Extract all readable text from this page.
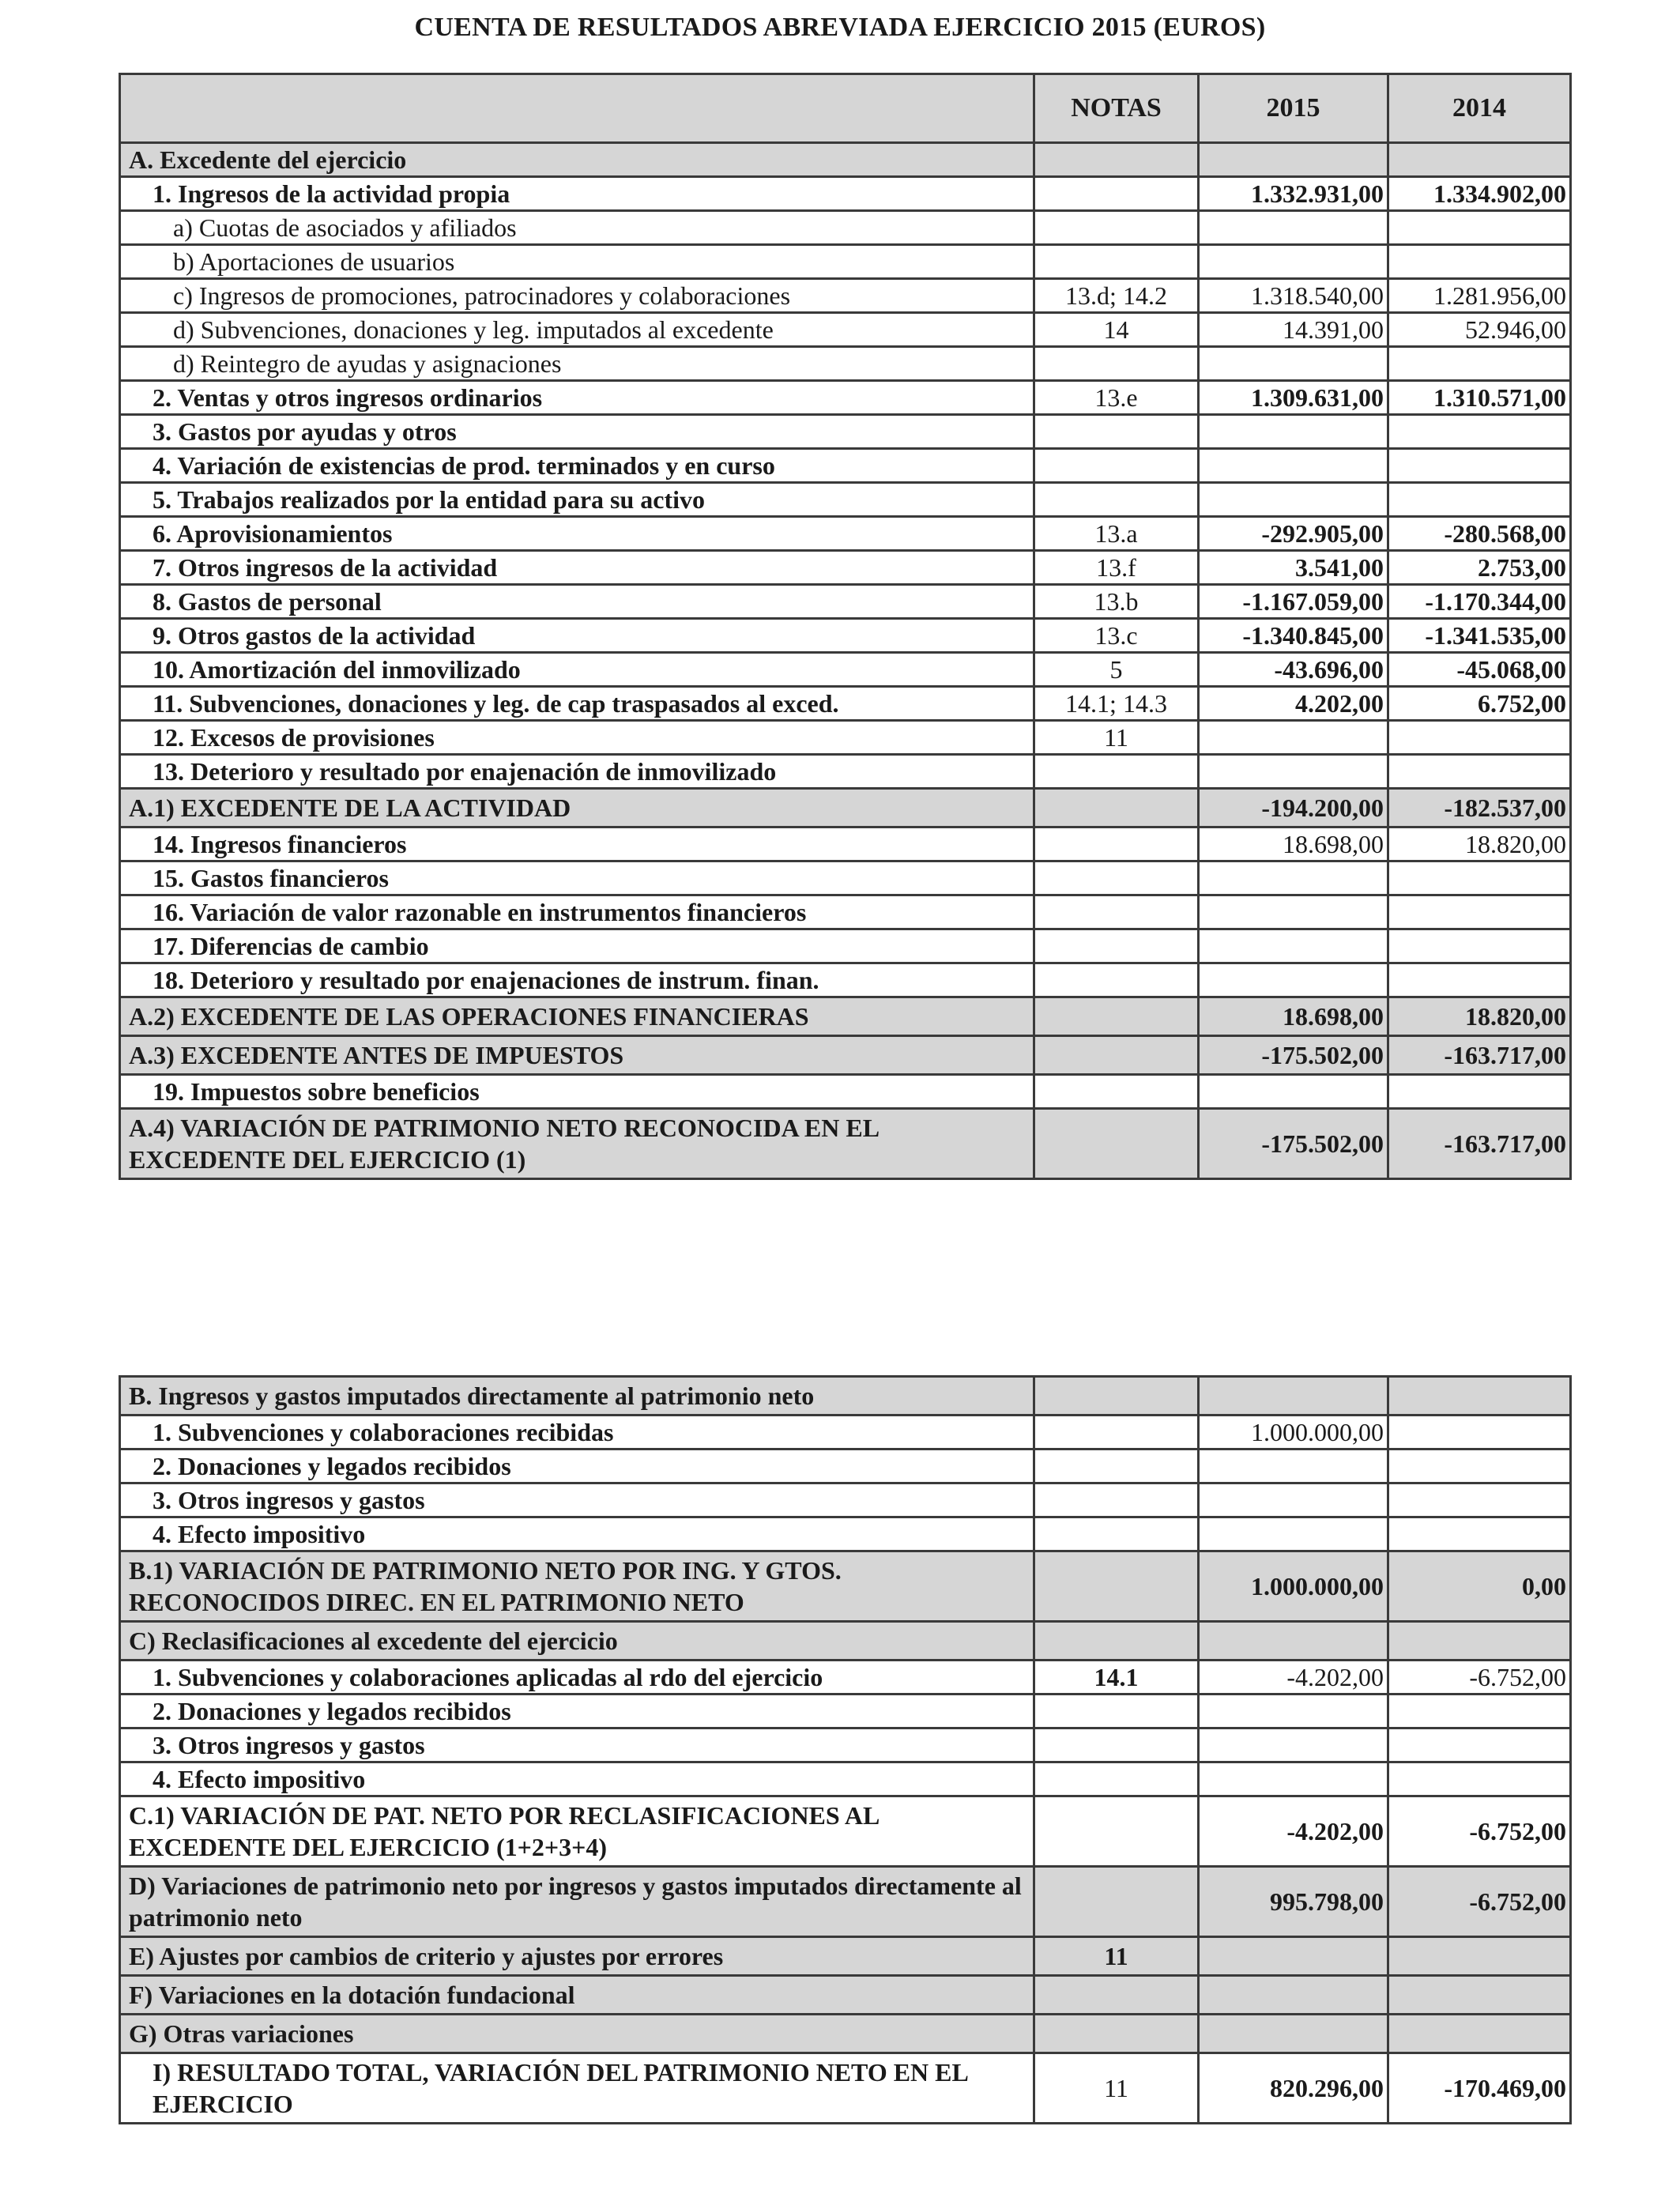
CUENTA DE RESULTADOS ABREVIADA EJERCICIO 2015 (EUROS)
	NOTAS	2015	2014
A. Excedente del ejercicio			
1. Ingresos de la actividad propia		1.332.931,00	1.334.902,00
a) Cuotas de asociados y afiliados			
b) Aportaciones de usuarios			
c) Ingresos de promociones, patrocinadores y colaboraciones	13.d; 14.2	1.318.540,00	1.281.956,00
d) Subvenciones, donaciones y leg. imputados al excedente	14	14.391,00	52.946,00
d) Reintegro de ayudas y asignaciones			
2. Ventas y otros ingresos ordinarios	13.e	1.309.631,00	1.310.571,00
3. Gastos por ayudas y otros			
4. Variación de existencias de prod. terminados y en curso			
5. Trabajos realizados por la entidad para su activo			
6. Aprovisionamientos	13.a	-292.905,00	-280.568,00
7. Otros ingresos de la actividad	13.f	3.541,00	2.753,00
8. Gastos de personal	13.b	-1.167.059,00	-1.170.344,00
9. Otros gastos de la actividad	13.c	-1.340.845,00	-1.341.535,00
10. Amortización del inmovilizado	5	-43.696,00	-45.068,00
11. Subvenciones, donaciones y leg. de cap traspasados al exced.	14.1; 14.3	4.202,00	6.752,00
12. Excesos de provisiones	11		
13. Deterioro y resultado por enajenación de inmovilizado			
A.1) EXCEDENTE DE LA ACTIVIDAD		-194.200,00	-182.537,00
14. Ingresos financieros		18.698,00	18.820,00
15. Gastos financieros			
16. Variación de valor razonable en instrumentos financieros			
17. Diferencias de cambio			
18. Deterioro y resultado por enajenaciones de instrum. finan.			
A.2) EXCEDENTE DE LAS OPERACIONES FINANCIERAS		18.698,00	18.820,00
A.3) EXCEDENTE ANTES DE IMPUESTOS		-175.502,00	-163.717,00
19. Impuestos sobre beneficios			
A.4) VARIACIÓN DE PATRIMONIO NETO RECONOCIDA EN EL EXCEDENTE DEL EJERCICIO (1)		-175.502,00	-163.717,00
B. Ingresos y gastos imputados directamente al patrimonio neto			
1. Subvenciones y colaboraciones recibidas		1.000.000,00	
2. Donaciones y legados recibidos			
3. Otros ingresos y gastos			
4. Efecto impositivo			
B.1) VARIACIÓN DE PATRIMONIO NETO POR ING. Y GTOS. RECONOCIDOS DIREC. EN EL PATRIMONIO NETO		1.000.000,00	0,00
C) Reclasificaciones al excedente del ejercicio			
1. Subvenciones y colaboraciones aplicadas al rdo del ejercicio	14.1	-4.202,00	-6.752,00
2. Donaciones y legados recibidos			
3. Otros ingresos y gastos			
4. Efecto impositivo			
C.1) VARIACIÓN DE PAT. NETO POR RECLASIFICACIONES AL EXCEDENTE DEL EJERCICIO (1+2+3+4)		-4.202,00	-6.752,00
D) Variaciones de patrimonio neto por ingresos y gastos imputados directamente al patrimonio neto		995.798,00	-6.752,00
E) Ajustes por cambios de criterio y ajustes por errores	11		
F) Variaciones en la dotación fundacional			
G) Otras variaciones			
I) RESULTADO TOTAL, VARIACIÓN DEL PATRIMONIO NETO EN EL EJERCICIO	11	820.296,00	-170.469,00
